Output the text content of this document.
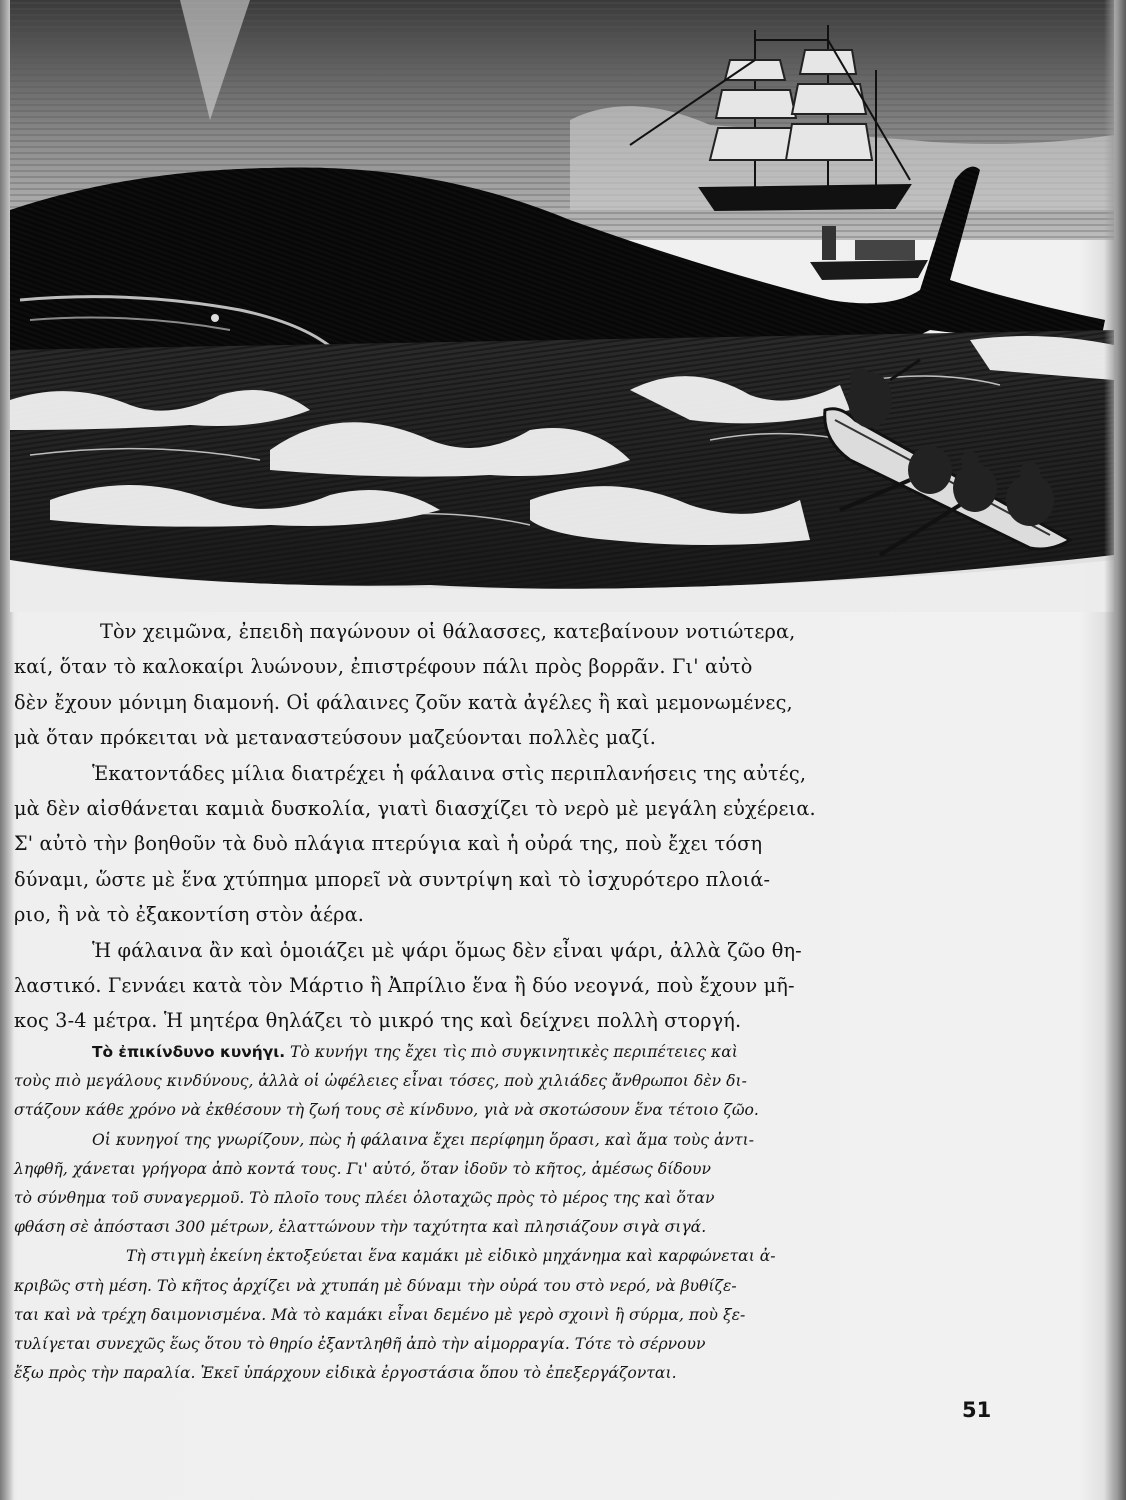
Τὸν χειμῶνα, ἐπειδὴ παγώνουν οἱ θάλασσες, κατεβαίνουν νοτιώτερα,
καί, ὅταν τὸ καλοκαίρι λυώνουν, ἐπιστρέφουν πάλι πρὸς βορρᾶν. Γι' αὐτὸ
δὲν ἔχουν μόνιμη διαμονή. Οἱ φάλαινες ζοῦν κατὰ ἀγέλες ἢ καὶ μεμονωμένες,
μὰ ὅταν πρόκειται νὰ μεταναστεύσουν μαζεύονται πολλὲς μαζί.

Ἑκατοντάδες μίλια διατρέχει ἡ φάλαινα στὶς περιπλανήσεις της αὐτές,
μὰ δὲν αἰσθάνεται καμιὰ δυσκολία, γιατὶ διασχίζει τὸ νερὸ μὲ μεγάλη εὐχέρεια.
Σ' αὐτὸ τὴν βοηθοῦν τὰ δυὸ πλάγια πτερύγια καὶ ἡ οὐρά της, ποὺ ἔχει τόση
δύναμι, ὥστε μὲ ἕνα χτύπημα μπορεῖ νὰ συντρίψη καὶ τὸ ἰσχυρότερο πλοιά-
ριο, ἢ νὰ τὸ ἐξακοντίση στὸν ἀέρα.

Ἡ φάλαινα ἂν καὶ ὁμοιάζει μὲ ψάρι ὅμως δὲν εἶναι ψάρι, ἀλλὰ ζῶο θη-
λαστικό. Γεννάει κατὰ τὸν Μάρτιο ἢ Ἀπρίλιο ἕνα ἢ δύο νεογνά, ποὺ ἔχουν μῆ-
κος 3-4 μέτρα. Ἡ μητέρα θηλάζει τὸ μικρό της καὶ δείχνει πολλὴ στοργή.

Τὸ ἐπικίνδυνο κυνήγι. Τὸ κυνήγι της ἔχει τὶς πιὸ συγκινητικὲς περιπέτειες καὶ
τοὺς πιὸ μεγάλους κινδύνους, ἀλλὰ οἱ ὠφέλειες εἶναι τόσες, ποὺ χιλιάδες ἄνθρωποι δὲν δι-
στάζουν κάθε χρόνο νὰ ἐκθέσουν τὴ ζωή τους σὲ κίνδυνο, γιὰ νὰ σκοτώσουν ἕνα τέτοιο ζῶο.

Οἱ κυνηγοί της γνωρίζουν, πὼς ἡ φάλαινα ἔχει περίφημη ὅρασι, καὶ ἅμα τοὺς ἀντι-
ληφθῆ, χάνεται γρήγορα ἀπὸ κοντά τους. Γι' αὐτό, ὅταν ἰδοῦν τὸ κῆτος, ἀμέσως δίδουν
τὸ σύνθημα τοῦ συναγερμοῦ. Τὸ πλοῖο τους πλέει ὁλοταχῶς πρὸς τὸ μέρος της καὶ ὅταν
φθάση σὲ ἀπόστασι 300 μέτρων, ἐλαττώνουν τὴν ταχύτητα καὶ πλησιάζουν σιγὰ σιγά.

Τὴ στιγμὴ ἐκείνη ἐκτοξεύεται ἕνα καμάκι μὲ εἰδικὸ μηχάνημα καὶ καρφώνεται ἀ-
κριβῶς στὴ μέση. Τὸ κῆτος ἀρχίζει νὰ χτυπάη μὲ δύναμι τὴν οὐρά του στὸ νερό, νὰ βυθίζε-
ται καὶ νὰ τρέχη δαιμονισμένα. Μὰ τὸ καμάκι εἶναι δεμένο μὲ γερὸ σχοινὶ ἢ σύρμα, ποὺ ξε-
τυλίγεται συνεχῶς ἕως ὅτου τὸ θηρίο ἐξαντληθῆ ἀπὸ τὴν αἱμορραγία. Τότε τὸ σέρνουν
ἔξω πρὸς τὴν παραλία. Ἐκεῖ ὑπάρχουν εἰδικὰ ἐργοστάσια ὅπου τὸ ἐπεξεργάζονται.

51
